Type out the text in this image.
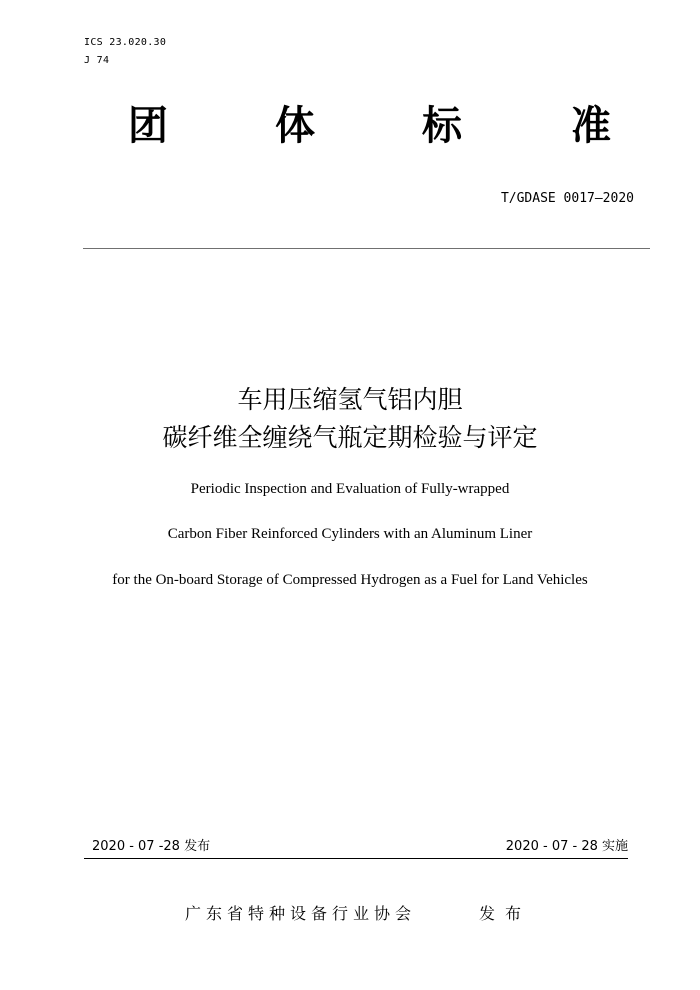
ICS 23.020.30
J 74
团	体	标	准
T/GDASE 0017—2020
车用压缩氢气铝内胆
碳纤维全缠绕气瓶定期检验与评定
Periodic Inspection and Evaluation of Fully-wrapped
Carbon Fiber Reinforced Cylinders with an Aluminum Liner
for the On-board Storage of Compressed Hydrogen as a Fuel for Land Vehicles
2020 - 07 -28 发布	2020 - 07 - 28 实施
广东省特种设备行业协会	发布
